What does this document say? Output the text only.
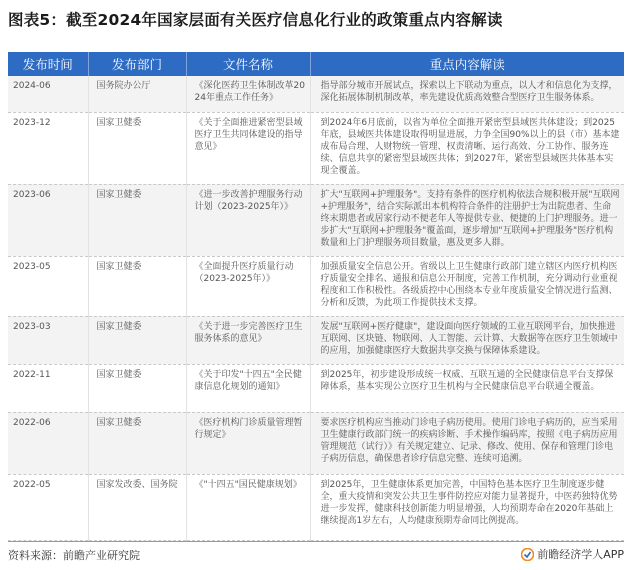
图表5：截至2024年国家层面有关医疗信息化行业的政策重点内容解读
发布时间	发布部门	文件名称	重点内容解读
2024-06	国务院办公厅	《深化医药卫生体制改革2024年重点工作任务》	指导部分城市开展试点，探索以上下联动为重点，以人才和信息化为支撑，深化拓展体制机制改革，率先建设优质高效整合型医疗卫生服务体系。
2023-12	国家卫健委	《关于全面推进紧密型县域医疗卫生共同体建设的指导意见》	到2024年6月底前，以省为单位全面推开紧密型县域医共体建设；到2025年底，县域医共体建设取得明显进展，力争全国90%以上的县（市）基本建成布局合理、人财物统一管理、权责清晰、运行高效、分工协作、服务连续、信息共享的紧密型县域医共体；到2027年，紧密型县域医共体基本实现全覆盖。
2023-06	国家卫健委	《进一步改善护理服务行动计划（2023-2025年）》	扩大"互联网+护理服务"。支持有条件的医疗机构依法合规积极开展"互联网+护理服务"，结合实际派出本机构符合条件的注册护士为出院患者、生命终末期患者或居家行动不便老年人等提供专业、便捷的上门护理服务。进一步扩大"互联网+护理服务"覆盖面，逐步增加"互联网+护理服务"医疗机构数量和上门护理服务项目数量，惠及更多人群。
2023-05	国家卫健委	《全面提升医疗质量行动（2023-2025年）》	加强质量安全信息公开。省级以上卫生健康行政部门建立辖区内医疗机构医疗质量安全排名、通报和信息公开制度，完善工作机制，充分调动行业重视程度和工作积极性。各级质控中心围绕本专业年度质量安全情况进行监测、分析和反馈，为此项工作提供技术支撑。
2023-03	国家卫健委	《关于进一步完善医疗卫生服务体系的意见》	发展"互联网+医疗健康"，建设面向医疗领域的工业互联网平台，加快推进互联网、区块链、物联网、人工智能、云计算、大数据等在医疗卫生领域中的应用，加强健康医疗大数据共享交换与保障体系建设。
2022-11	国家卫健委	《关于印发"十四五"全民健康信息化规划的通知》	到2025年，初步建设形成统一权威、互联互通的全民健康信息平台支撑保障体系，基本实现公立医疗卫生机构与全民健康信息平台联通全覆盖。
2022-06	国家卫健委	《医疗机构门诊质量管理暂行规定》	要求医疗机构应当推动门诊电子病历使用。使用门诊电子病历的，应当采用卫生健康行政部门统一的疾病诊断、手术操作编码库，按照《电子病历应用管理规范（试行）》有关规定建立、记录、修改、使用、保存和管理门诊电子病历信息，确保患者诊疗信息完整、连续可追溯。
2022-05	国家发改委、国务院	《"十四五"国民健康规划》	到2025年，卫生健康体系更加完善，中国特色基本医疗卫生制度逐步健全，重大疫情和突发公共卫生事件防控应对能力显著提升，中医药独特优势进一步发挥，健康科技创新能力明显增强，人均预期寿命在2020年基础上继续提高1岁左右，人均健康预期寿命同比例提高。
资料来源：前瞻产业研究院	前瞻经济学人APP
